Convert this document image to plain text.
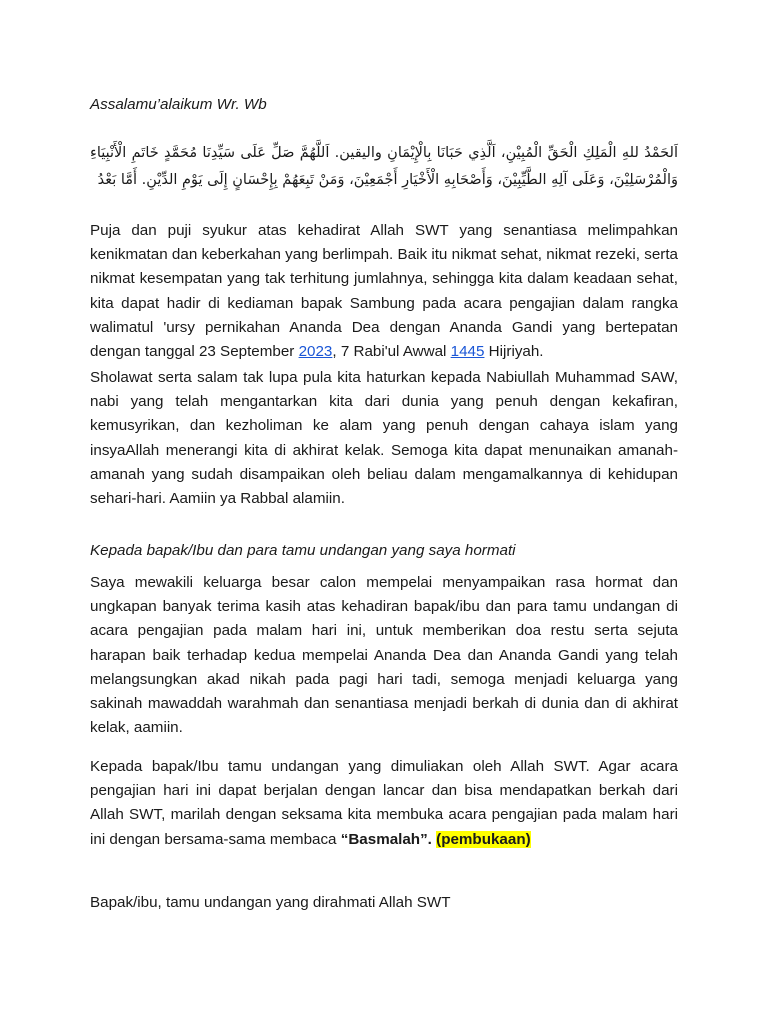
Assalamu’alaikum Wr. Wb

اَلحَمْدُ للهِ الْمَلِكِ الْحَقِّ الْمُبِيْنِ، اَلَّذِي حَبَانَا بِالْإِيْمَانِ واليقين. اَللَّهُمَّ صَلِّ عَلَى سَيِّدِنَا مُحَمَّدٍ خَاتَمِ الْأَنْبِيَاءِ وَالْمُرْسَلِيْنَ، وَعَلَى آلِهِ الطَّيِّبِيْنَ، وَأَصْحَابِهِ الْأَخْيَارِ أَجْمَعِيْنَ، وَمَنْ تَبِعَهُمْ بِإِحْسَانٍ إِلَى يَوْمِ الدِّيْنِ. أَمَّا بَعْدُ

Puja dan puji syukur atas kehadirat Allah SWT yang senantiasa melimpahkan kenikmatan dan keberkahan yang berlimpah. Baik itu nikmat sehat, nikmat rezeki, serta nikmat kesempatan yang tak terhitung jumlahnya, sehingga kita dalam keadaan sehat, kita dapat hadir di kediaman bapak Sambung pada acara pengajian dalam rangka walimatul 'ursy pernikahan Ananda Dea dengan Ananda Gandi yang bertepatan dengan tanggal 23 September 2023, 7 Rabi'ul Awwal 1445 Hijriyah.

Sholawat serta salam tak lupa pula kita haturkan kepada Nabiullah Muhammad SAW, nabi yang telah mengantarkan kita dari dunia yang penuh dengan kekafiran, kemusyrikan, dan kezholiman ke alam yang penuh dengan cahaya islam yang insyaAllah menerangi kita di akhirat kelak. Semoga kita dapat menunaikan amanah-amanah yang sudah disampaikan oleh beliau dalam mengamalkannya di kehidupan sehari-hari. Aamiin ya Rabbal alamiin.

Kepada bapak/Ibu dan para tamu undangan yang saya hormati

Saya mewakili keluarga besar calon mempelai menyampaikan rasa hormat dan ungkapan banyak terima kasih atas kehadiran bapak/ibu dan para tamu undangan di acara pengajian pada malam hari ini, untuk memberikan doa restu serta sejuta harapan baik terhadap kedua mempelai Ananda Dea dan Ananda Gandi yang telah melangsungkan akad nikah pada pagi hari tadi, semoga menjadi keluarga yang sakinah mawaddah warahmah dan senantiasa menjadi berkah di dunia dan di akhirat kelak, aamiin.

Kepada bapak/Ibu tamu undangan yang dimuliakan oleh Allah SWT. Agar acara pengajian hari ini dapat berjalan dengan lancar dan bisa mendapatkan berkah dari Allah SWT, marilah dengan seksama kita membuka acara pengajian pada malam hari ini dengan bersama-sama membaca “Basmalah”. (pembukaan)

Bapak/ibu, tamu undangan yang dirahmati Allah SWT
